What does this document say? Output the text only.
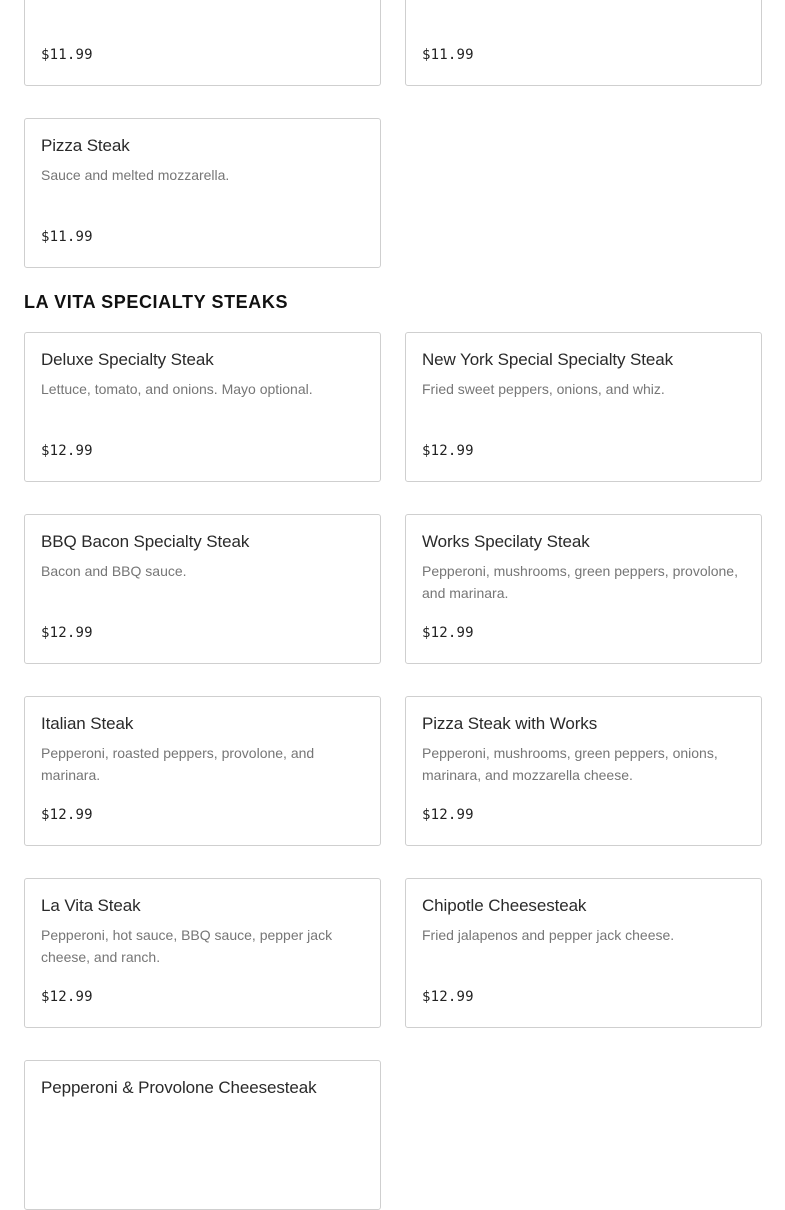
$11.99	$11.99
Pizza Steak
Sauce and melted mozzarella.
$11.99
LA VITA SPECIALTY STEAKS
Deluxe Specialty Steak
Lettuce, tomato, and onions. Mayo optional.
$12.99
New York Special Specialty Steak
Fried sweet peppers, onions, and whiz.
$12.99
BBQ Bacon Specialty Steak
Bacon and BBQ sauce.
$12.99
Works Specilaty Steak
Pepperoni, mushrooms, green peppers, provolone, and marinara.
$12.99
Italian Steak
Pepperoni, roasted peppers, provolone, and marinara.
$12.99
Pizza Steak with Works
Pepperoni, mushrooms, green peppers, onions, marinara, and mozzarella cheese.
$12.99
La Vita Steak
Pepperoni, hot sauce, BBQ sauce, pepper jack cheese, and ranch.
$12.99
Chipotle Cheesesteak
Fried jalapenos and pepper jack cheese.
$12.99
Pepperoni & Provolone Cheesesteak
